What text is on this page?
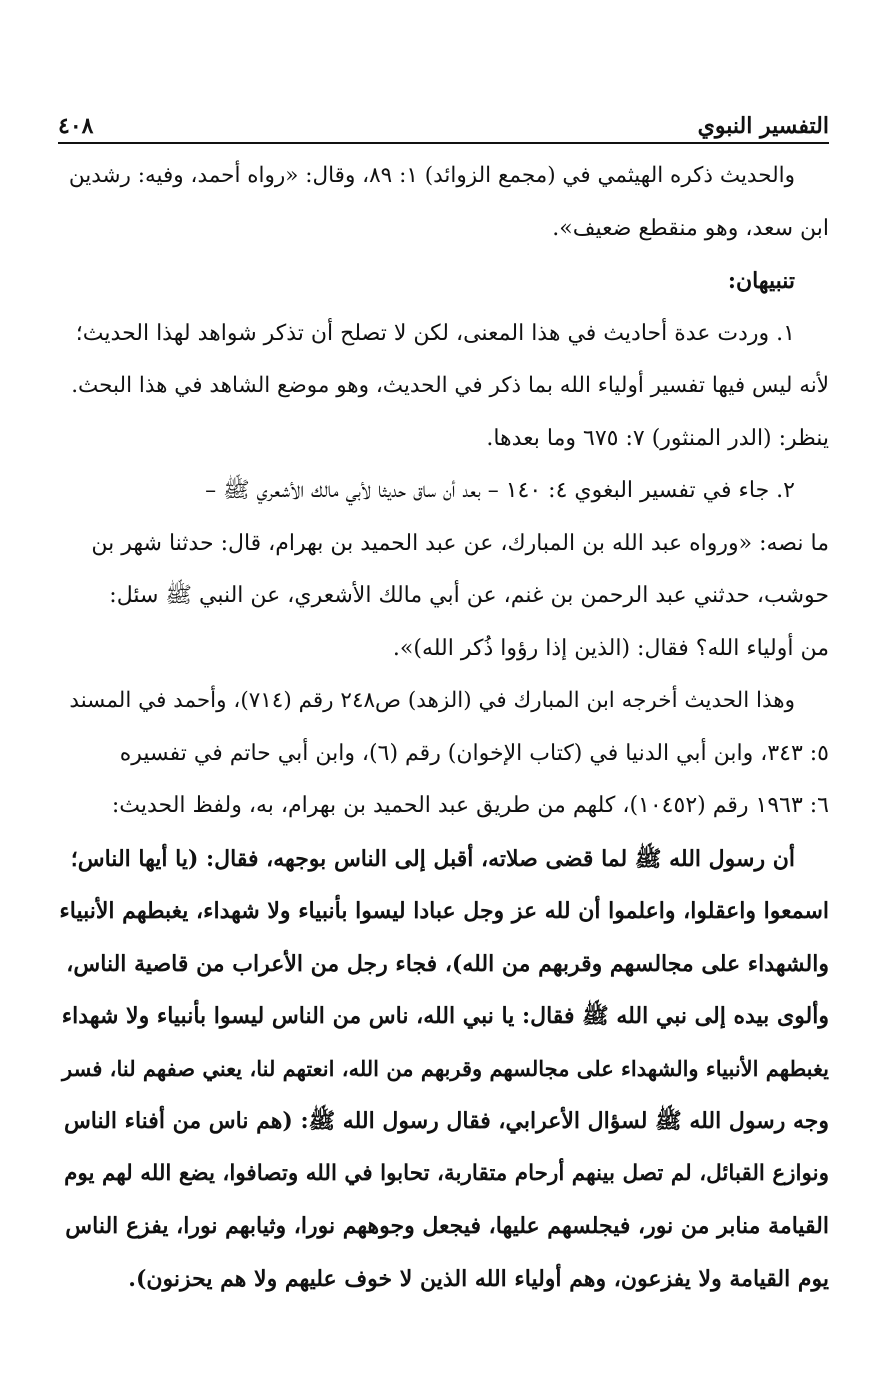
التفسير النبوي
٤٠٨
والحديث ذكره الهيثمي في (مجمع الزوائد) ١: ٨٩، وقال: «رواه أحمد، وفيه: رشدين
ابن سعد، وهو منقطع ضعيف».
تنبيهان:
١. وردت عدة أحاديث في هذا المعنى، لكن لا تصلح أن تذكر شواهد لهذا الحديث؛
لأنه ليس فيها تفسير أولياء الله بما ذكر في الحديث، وهو موضع الشاهد في هذا البحث.
ينظر: (الدر المنثور) ٧: ٦٧٥ وما بعدها.
٢. جاء في تفسير البغوي ٤: ١٤٠ – بعد أن ساق حديثا لأبي مالك الأشعري ﷺ –
ما نصه: «ورواه عبد الله بن المبارك، عن عبد الحميد بن بهرام، قال: حدثنا شهر بن
حوشب، حدثني عبد الرحمن بن غنم، عن أبي مالك الأشعري، عن النبي ﷺ سئل:
من أولياء الله؟ فقال: (الذين إذا رؤوا ذُكر الله)».
وهذا الحديث أخرجه ابن المبارك في (الزهد) ص٢٤٨ رقم (٧١٤)، وأحمد في المسند
٥: ٣٤٣، وابن أبي الدنيا في (كتاب الإخوان) رقم (٦)، وابن أبي حاتم في تفسيره
٦: ١٩٦٣ رقم (١٠٤٥٢)، كلهم من طريق عبد الحميد بن بهرام، به، ولفظ الحديث:
أن رسول الله ﷺ لما قضى صلاته، أقبل إلى الناس بوجهه، فقال: (يا أيها الناس؛
اسمعوا واعقلوا، واعلموا أن لله عز وجل عبادا ليسوا بأنبياء ولا شهداء، يغبطهم الأنبياء
والشهداء على مجالسهم وقربهم من الله)، فجاء رجل من الأعراب من قاصية الناس،
وألوى بيده إلى نبي الله ﷺ فقال: يا نبي الله، ناس من الناس ليسوا بأنبياء ولا شهداء
يغبطهم الأنبياء والشهداء على مجالسهم وقربهم من الله، انعتهم لنا، يعني صفهم لنا، فسر
وجه رسول الله ﷺ لسؤال الأعرابي، فقال رسول الله ﷺ: (هم ناس من أفناء الناس
ونوازع القبائل، لم تصل بينهم أرحام متقاربة، تحابوا في الله وتصافوا، يضع الله لهم يوم
القيامة منابر من نور، فيجلسهم عليها، فيجعل وجوههم نورا، وثيابهم نورا، يفزع الناس
يوم القيامة ولا يفزعون، وهم أولياء الله الذين لا خوف عليهم ولا هم يحزنون).
